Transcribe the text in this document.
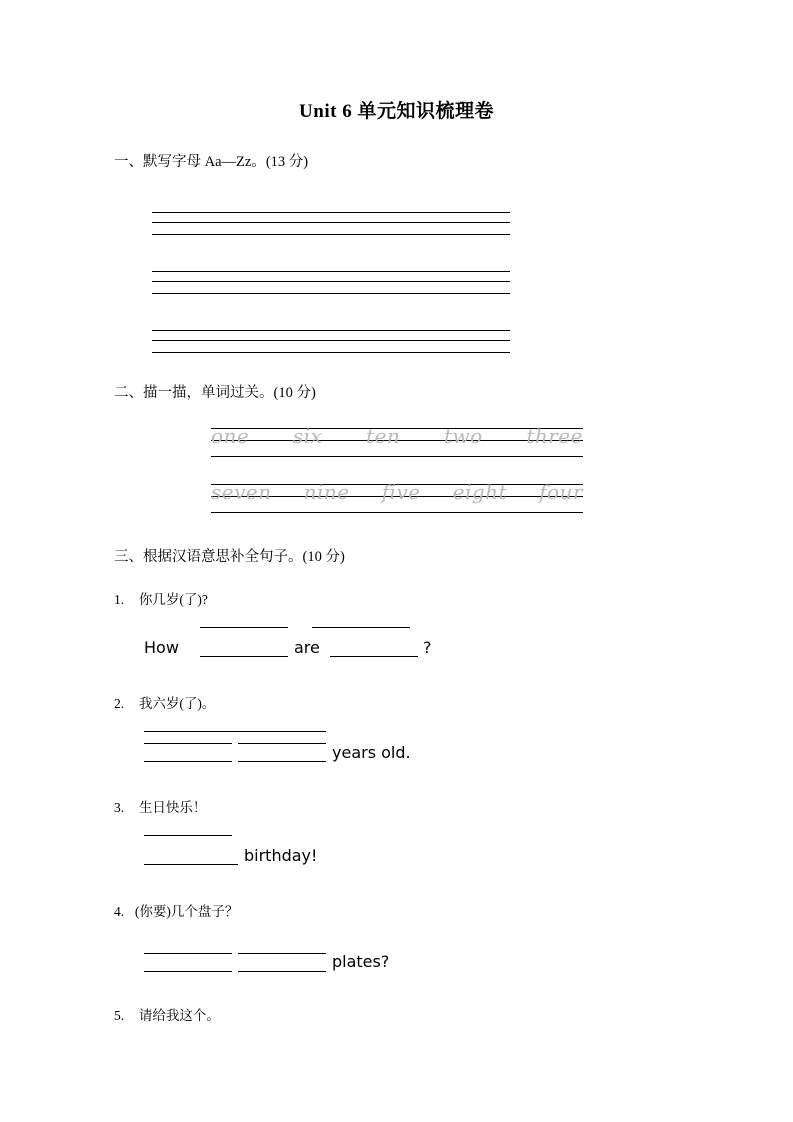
Unit 6 单元知识梳理卷
一、默写字母 Aa—Zz。(13 分)
二、描一描，单词过关。(10 分)
one six ten two three
seven nine five eight four
三、根据汉语意思补全句子。(10 分)
1. 你几岁(了)?
How	are	?
2. 我六岁(了)。
years old.
3. 生日快乐！
birthday!
4. (你要)几个盘子？
plates?
5. 请给我这个。
